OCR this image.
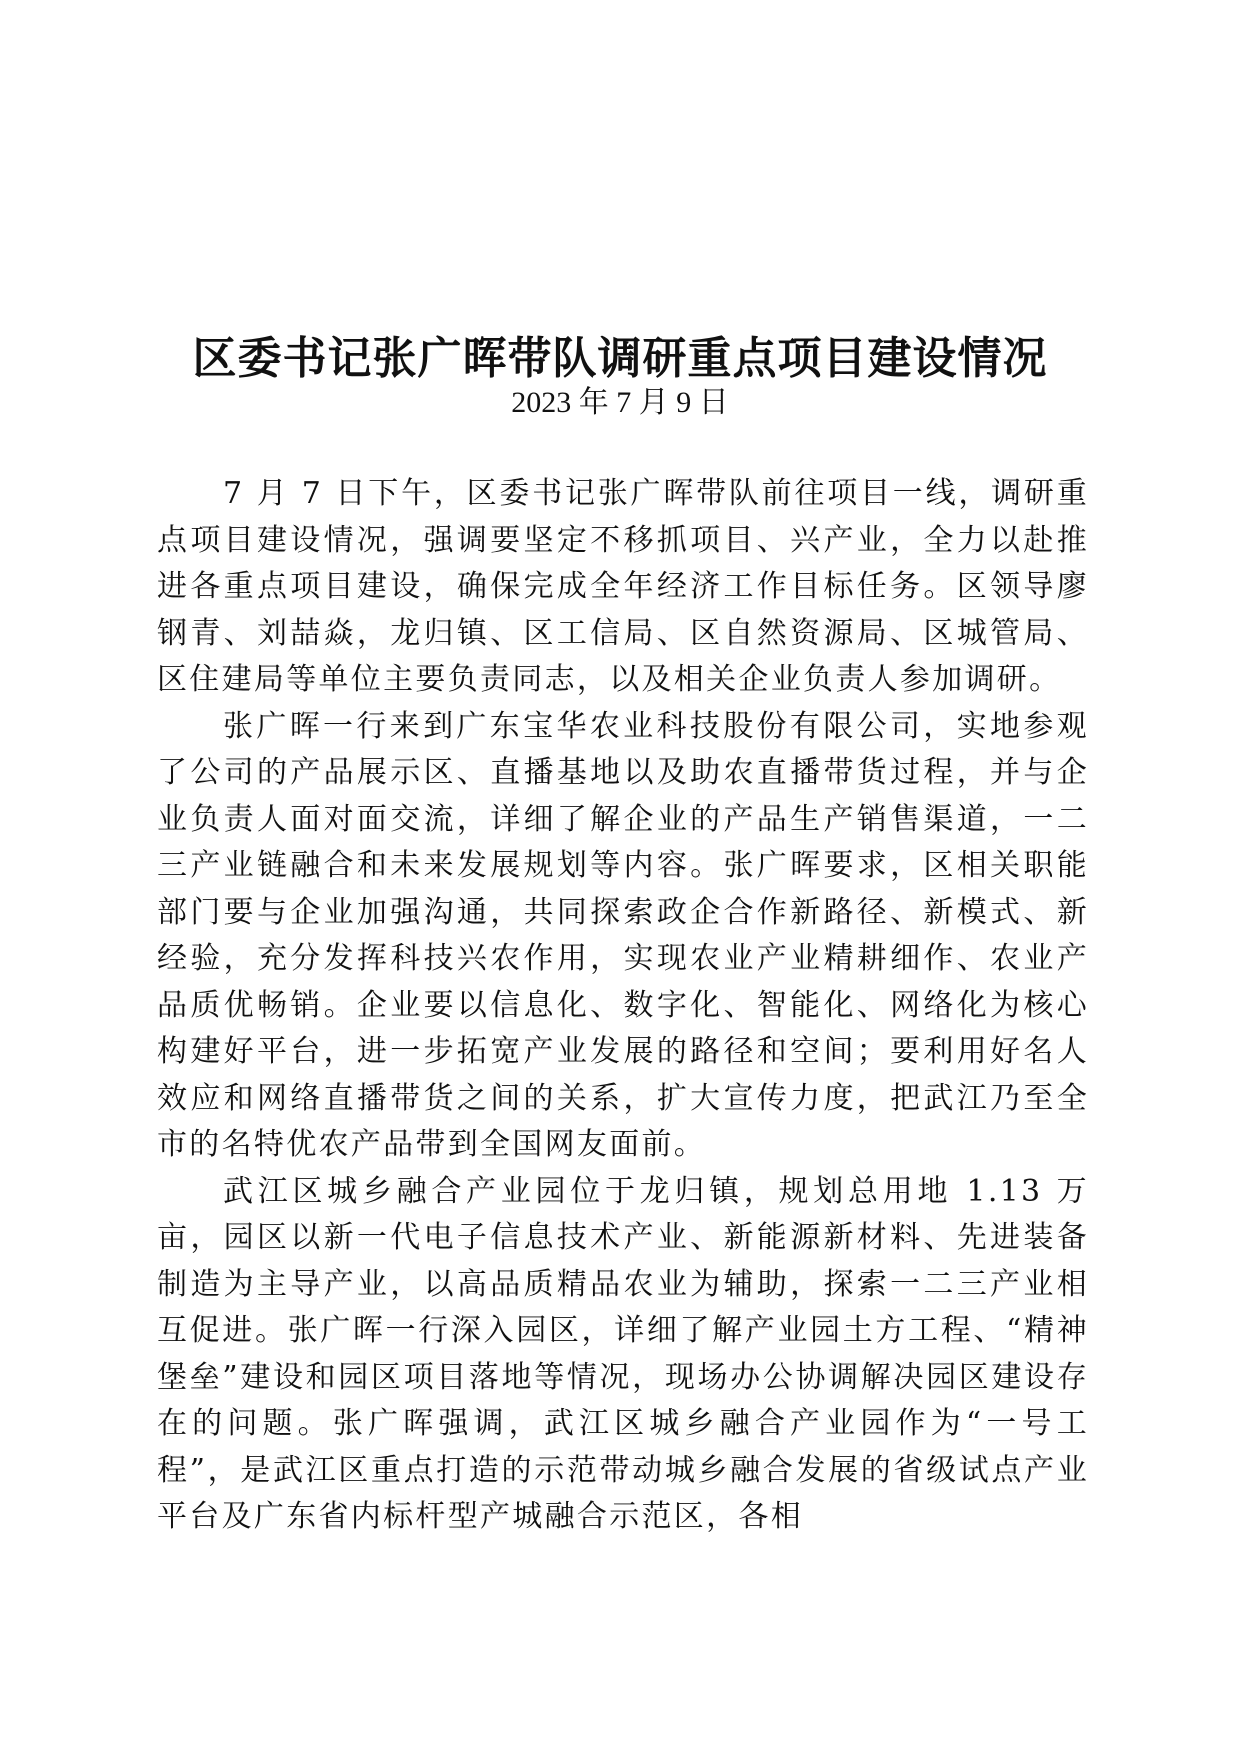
区委书记张广晖带队调研重点项目建设情况
2023 年 7 月 9 日

7 月 7 日下午，区委书记张广晖带队前往项目一线，调研重点项目建设情况，强调要坚定不移抓项目、兴产业，全力以赴推进各重点项目建设，确保完成全年经济工作目标任务。区领导廖钢青、刘喆焱，龙归镇、区工信局、区自然资源局、区城管局、区住建局等单位主要负责同志，以及相关企业负责人参加调研。

张广晖一行来到广东宝华农业科技股份有限公司，实地参观了公司的产品展示区、直播基地以及助农直播带货过程，并与企业负责人面对面交流，详细了解企业的产品生产销售渠道，一二三产业链融合和未来发展规划等内容。张广晖要求，区相关职能部门要与企业加强沟通，共同探索政企合作新路径、新模式、新经验，充分发挥科技兴农作用，实现农业产业精耕细作、农业产品质优畅销。企业要以信息化、数字化、智能化、网络化为核心构建好平台，进一步拓宽产业发展的路径和空间；要利用好名人效应和网络直播带货之间的关系，扩大宣传力度，把武江乃至全市的名特优农产品带到全国网友面前。

武江区城乡融合产业园位于龙归镇，规划总用地 1.13 万亩，园区以新一代电子信息技术产业、新能源新材料、先进装备制造为主导产业，以高品质精品农业为辅助，探索一二三产业相互促进。张广晖一行深入园区，详细了解产业园土方工程、“精神堡垒”建设和园区项目落地等情况，现场办公协调解决园区建设存在的问题。张广晖强调，武江区城乡融合产业园作为“一号工程”，是武江区重点打造的示范带动城乡融合发展的省级试点产业平台及广东省内标杆型产城融合示范区，各相
